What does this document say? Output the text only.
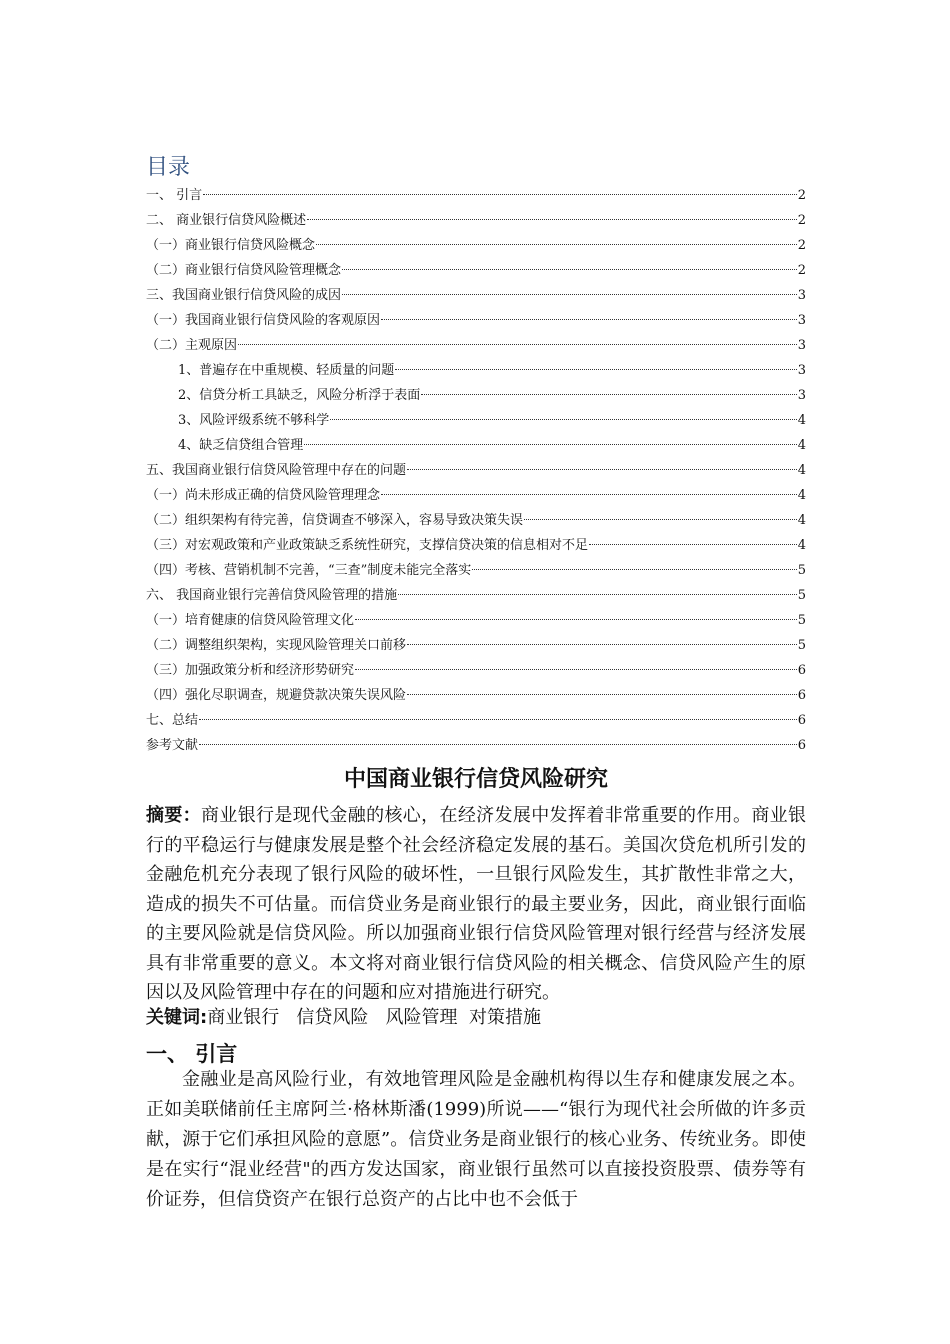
目录
一、 引言	2
二、 商业银行信贷风险概述	2
（一）商业银行信贷风险概念	2
（二）商业银行信贷风险管理概念	2
三、我国商业银行信贷风险的成因	3
（一）我国商业银行信贷风险的客观原因	3
（二）主观原因	3
1、普遍存在中重规模、轻质量的问题	3
2、信贷分析工具缺乏，风险分析浮于表面	3
3、风险评级系统不够科学	4
4、缺乏信贷组合管理	4
五、我国商业银行信贷风险管理中存在的问题	4
（一）尚未形成正确的信贷风险管理理念	4
（二）组织架构有待完善，信贷调查不够深入，容易导致决策失误	4
（三）对宏观政策和产业政策缺乏系统性研究，支撑信贷决策的信息相对不足	4
（四）考核、营销机制不完善，“三查”制度未能完全落实	5
六、 我国商业银行完善信贷风险管理的措施	5
（一）培育健康的信贷风险管理文化	5
（二）调整组织架构，实现风险管理关口前移	5
（三）加强政策分析和经济形势研究	6
（四）强化尽职调查，规避贷款决策失误风险	6
七、总结	6
参考文献	6
中国商业银行信贷风险研究
摘要：商业银行是现代金融的核心，在经济发展中发挥着非常重要的作用。商业银行的平稳运行与健康发展是整个社会经济稳定发展的基石。美国次贷危机所引发的金融危机充分表现了银行风险的破坏性，一旦银行风险发生，其扩散性非常之大，造成的损失不可估量。而信贷业务是商业银行的最主要业务，因此，商业银行面临的主要风险就是信贷风险。所以加强商业银行信贷风险管理对银行经营与经济发展具有非常重要的意义。本文将对商业银行信贷风险的相关概念、信贷风险产生的原因以及风险管理中存在的问题和应对措施进行研究。
关键词:商业银行   信贷风险   风险管理  对策措施
一、 引言
金融业是高风险行业，有效地管理风险是金融机构得以生存和健康发展之本。正如美联储前任主席阿兰·格林斯潘(1999)所说——“银行为现代社会所做的许多贡献，源于它们承担风险的意愿”。信贷业务是商业银行的核心业务、传统业务。即使是在实行“混业经营"的西方发达国家，商业银行虽然可以直接投资股票、债券等有价证券，但信贷资产在银行总资产的占比中也不会低于
